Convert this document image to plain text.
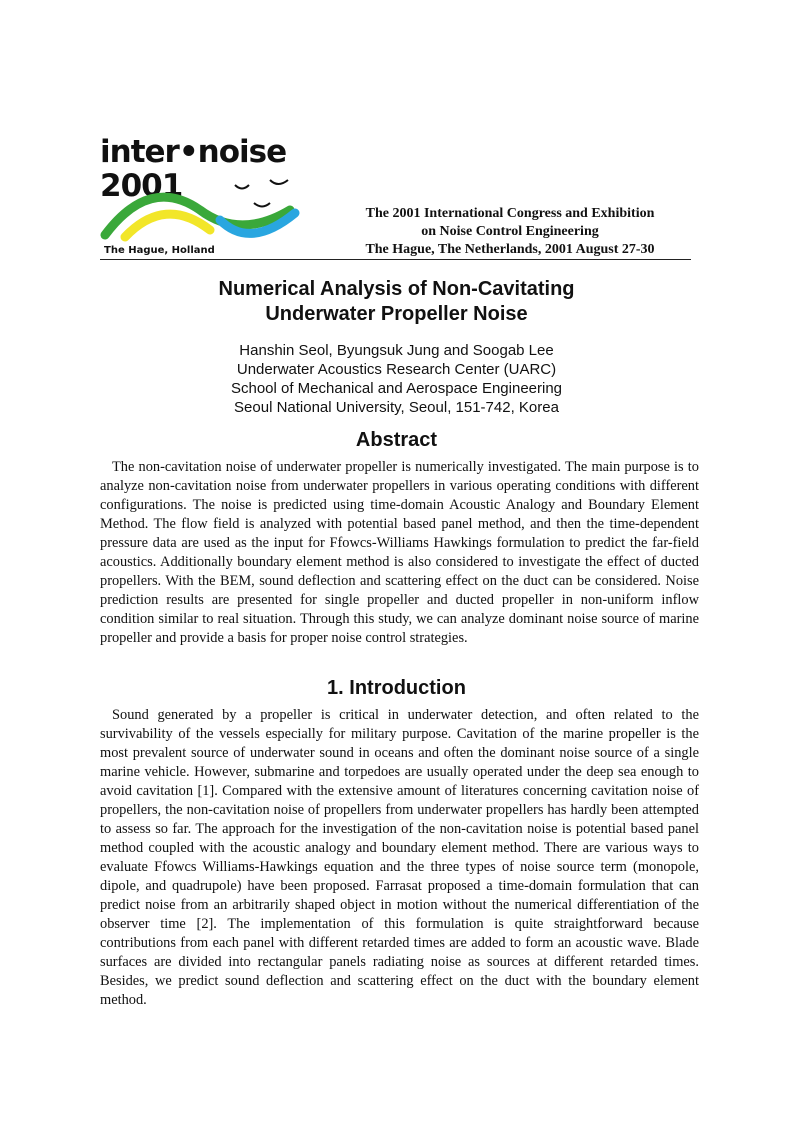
inter•noise 2001
The Hague, Holland
The 2001 International Congress and Exhibition
on Noise Control Engineering
The Hague, The Netherlands, 2001 August 27-30
Numerical Analysis of Non-Cavitating
Underwater Propeller Noise
Hanshin Seol, Byungsuk Jung and Soogab Lee
Underwater Acoustics Research Center (UARC)
School of Mechanical and Aerospace Engineering
Seoul National University, Seoul, 151-742, Korea
Abstract

The non-cavitation noise of underwater propeller is numerically investigated. The main purpose is to analyze non-cavitation noise from underwater propellers in various operating conditions with different configurations. The noise is predicted using time-domain Acoustic Analogy and Boundary Element Method. The flow field is analyzed with potential based panel method, and then the time-dependent pressure data are used as the input for Ffowcs-Williams Hawkings formulation to predict the far-field acoustics. Additionally boundary element method is also considered to investigate the effect of ducted propellers. With the BEM, sound deflection and scattering effect on the duct can be considered. Noise prediction results are presented for single propeller and ducted propeller in non-uniform inflow condition similar to real situation. Through this study, we can analyze dominant noise source of marine propeller and provide a basis for proper noise control strategies.

1. Introduction

Sound generated by a propeller is critical in underwater detection, and often related to the survivability of the vessels especially for military purpose. Cavitation of the marine propeller is the most prevalent source of underwater sound in oceans and often the dominant noise source of a single marine vehicle. However, submarine and torpedoes are usually operated under the deep sea enough to avoid cavitation [1]. Compared with the extensive amount of literatures concerning cavitation noise of propellers, the non-cavitation noise of propellers from underwater propellers has hardly been attempted to assess so far. The approach for the investigation of the non-cavitation noise is potential based panel method coupled with the acoustic analogy and boundary element method. There are various ways to evaluate Ffowcs Williams-Hawkings equation and the three types of noise source term (monopole, dipole, and quadrupole) have been proposed. Farrasat proposed a time-domain formulation that can predict noise from an arbitrarily shaped object in motion without the numerical differentiation of the observer time [2]. The implementation of this formulation is quite straightforward because contributions from each panel with different retarded times are added to form an acoustic wave. Blade surfaces are divided into rectangular panels radiating noise as sources at different retarded times. Besides, we predict sound deflection and scattering effect on the duct with the boundary element method.
